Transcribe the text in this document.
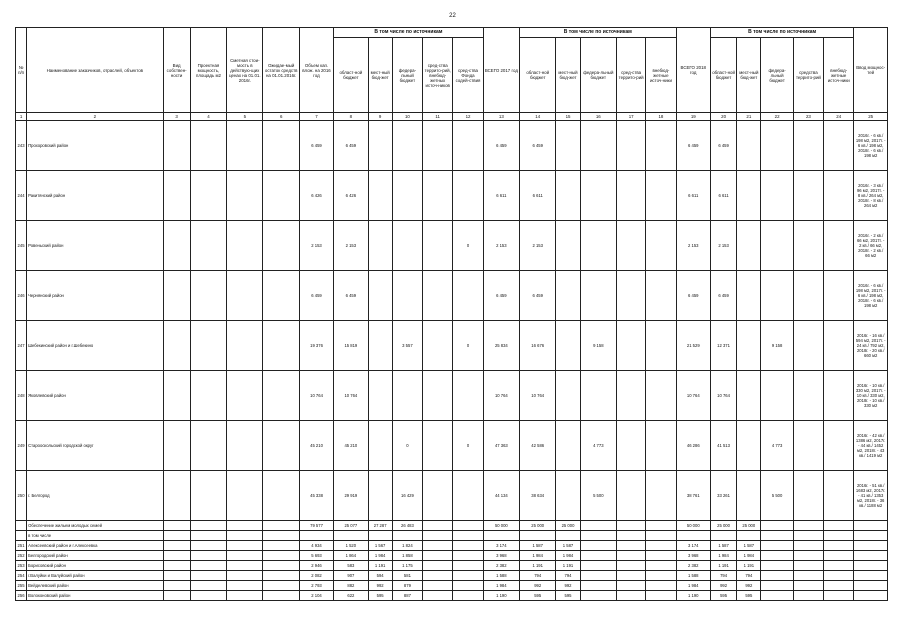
22
№ п/п	Наименование заказчиков, отраслей, объектов	Вид собствен-ности	Проектная мощность, площадь м2	Сметная стои-мость в действую-щих ценах на 01.01. 2016г.	Ожидае-мый остаток средств на 01.01.2016г.	Объем кап. влож. на 2016 год	В том числе по источникам					ВСЕГО 2017 год	В том числе по источникам					ВСЕГО 2018 год	В том числе по источникам					Ввод мощнос-тей
							област-ной бюджет	мест-ный бюд-жет	федера-льный бюджет	сред-ства террито-рий, внебюд-жетных источ-ников	сред-ства Фонда содей-ствия		област-ной бюджет	мест-ный бюд-жет	федера-льный бюджет	сред-ства террито-рий	внебюд-жетные источ-ники		област-ной бюджет	мест-ный бюд-жет	федера-льный бюджет	средства террито-рий	внебюд-жетные источ-ники	
1	2	3	4	5	6	7	8	9	10	11	12	13	14	15	16	17	18	19	20	21	22	23	24	25
243	Прохоровский район					6 459	6 459					6 459	6 459					6 459	6 459					2016г. - 6 кв./ 198 м2, 2017г. - 6 кв./ 198 м2, 2018г. - 6 кв./ 198 м2
244	Ракитянский район					6 426	6 426					6 611	6 611					6 611	6 611					2016г. - 3 кв./ 96 м2, 2017г. - 8 кв./ 264 м2, 2018г. - 8 кв./ 264 м2
245	Ровеньский район					2 153	2 153				0	2 153	2 153					2 153	2 153					2016г. - 2 кв./ 66 м2, 2017г. - 2 кв./ 66 м2, 2018г. - 2 кв./ 66 м2
246	Чернянский район					6 459	6 459					6 459	6 459					6 459	6 459					2016г. - 6 кв./ 198 м2, 2017г. - 6 кв./ 198 м2, 2018г. - 6 кв./ 198 м2
247	Шебекинский район и г.Шебекино					19 376	15 819		3 557		0	25 834	16 676		9 158			21 529	12 371		9 158			2016г. - 16 кв./ 594 м2, 2017г. - 24 кв./ 792 м2, 2018г. - 20 кв./ 660 м2
248	Яковлевский район					10 764	10 764					10 764	10 764					10 764	10 764					2016г. - 10 кв./ 330 м2, 2017г. - 10 кв./ 330 м2, 2018г. - 10 кв./ 330 м2
249	Старооскольский городской округ					45 210	45 210		0		0	47 363	42 586		4 773			46 286	41 513		4 773			2016г. - 42 кв./ 1386 м2, 2017г. - 44 кв./ 1452 м2, 2018г. - 43 кв./ 1419 м2
250	г. Белгород					45 338	29 919		16 429			44 134	38 634		5 500			38 761	33 261		5 500			2016г. - 51 кв./ 1683 м2, 2017г. - 41 кв./ 1353 м2, 2018г. - 36 кв./ 1188 м2
	Обеспечение жильем молодых семей					79 577	25 077	27 287	26 483			50 000	25 000	25 000				50 000	25 000	25 000				
	в том числе																							
251	Алексеевский район и г.Алексеевка					4 934	1 520	1 567	1 824			3 174	1 587	1 587				3 174	1 587	1 587				
252	Белгородский район					5 693	1 864	1 984	1 858			3 968	1 984	1 984				3 968	1 984	1 984				
253	Борисовский район					2 946	583	1 191	1 175			2 382	1 191	1 191				2 382	1 191	1 191				
254	г.Валуйки и Валуйский район					2 082	907	594	581			1 588	794	794				1 588	794	794				
255	Вейделевский район					2 793	882	992	879			1 984	992	992				1 984	992	992				
256	Волоконовский район					2 104	622	595	887			1 190	595	595				1 190	595	595				
